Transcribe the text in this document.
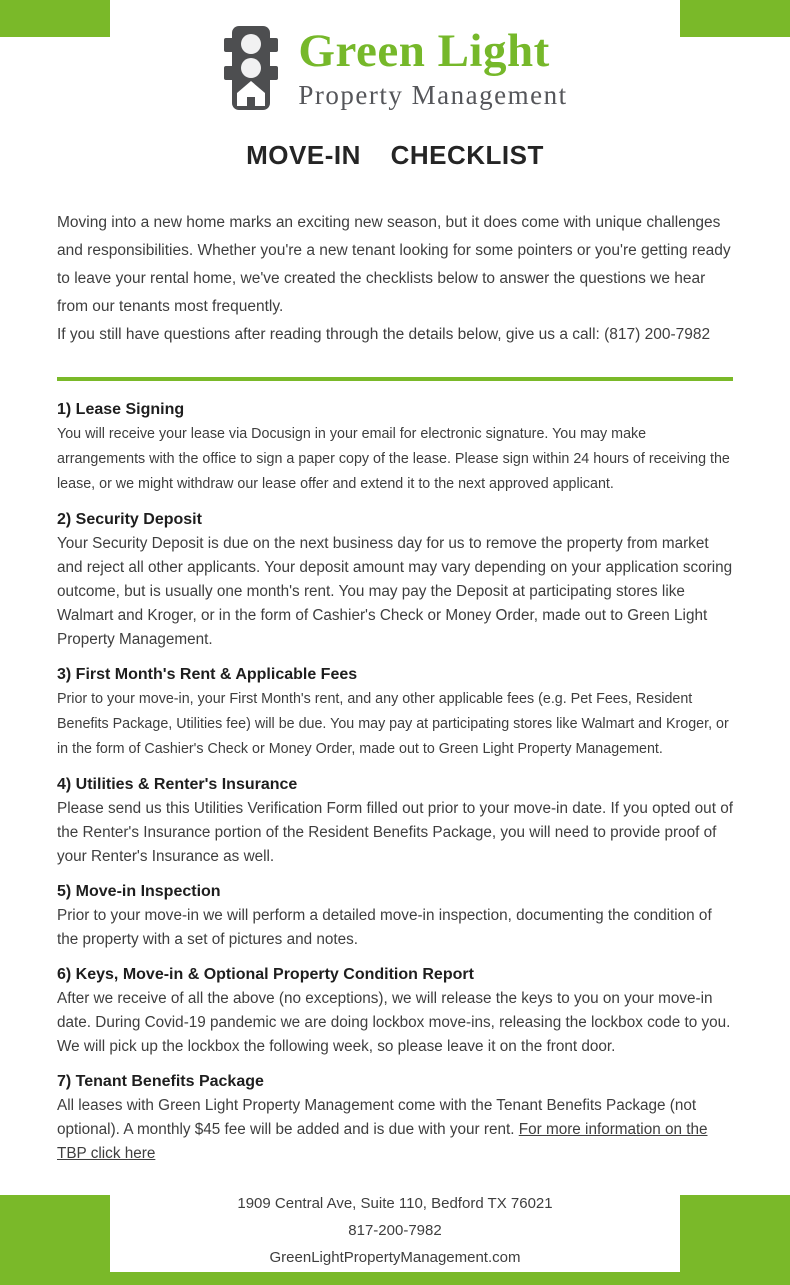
Green Light
Property Management
MOVE-IN CHECKLIST

Moving into a new home marks an exciting new season, but it does come with unique challenges and responsibilities. Whether you're a new tenant looking for some pointers or you're getting ready to leave your rental home, we've created the checklists below to answer the questions we hear from our tenants most frequently.

If you still have questions after reading through the details below, give us a call: (817) 200-7982

1) Lease Signing

You will receive your lease via Docusign in your email for electronic signature. You may make arrangements with the office to sign a paper copy of the lease. Please sign within 24 hours of receiving the lease, or we might withdraw our lease offer and extend it to the next approved applicant.

2) Security Deposit

Your Security Deposit is due on the next business day for us to remove the property from market and reject all other applicants. Your deposit amount may vary depending on your application scoring outcome, but is usually one month's rent. You may pay the Deposit at participating stores like Walmart and Kroger, or in the form of Cashier's Check or Money Order, made out to Green Light Property Management.

3) First Month's Rent & Applicable Fees

Prior to your move-in, your First Month's rent, and any other applicable fees (e.g. Pet Fees, Resident Benefits Package, Utilities fee) will be due. You may pay at participating stores like Walmart and Kroger, or in the form of Cashier's Check or Money Order, made out to Green Light Property Management.

4) Utilities & Renter's Insurance

Please send us this Utilities Verification Form filled out prior to your move-in date. If you opted out of the Renter's Insurance portion of the Resident Benefits Package, you will need to provide proof of your Renter's Insurance as well.

5) Move-in Inspection

Prior to your move-in we will perform a detailed move-in inspection, documenting the condition of the property with a set of pictures and notes.

6) Keys, Move-in & Optional Property Condition Report

After we receive of all the above (no exceptions), we will release the keys to you on your move-in date. During Covid-19 pandemic we are doing lockbox move-ins, releasing the lockbox code to you. We will pick up the lockbox the following week, so please leave it on the front door.

7) Tenant Benefits Package

All leases with Green Light Property Management come with the Tenant Benefits Package (not optional). A monthly $45 fee will be added and is due with your rent. For more information on the TBP click here

1909 Central Ave, Suite 110, Bedford TX 76021
817-200-7982
GreenLightPropertyManagement.com
